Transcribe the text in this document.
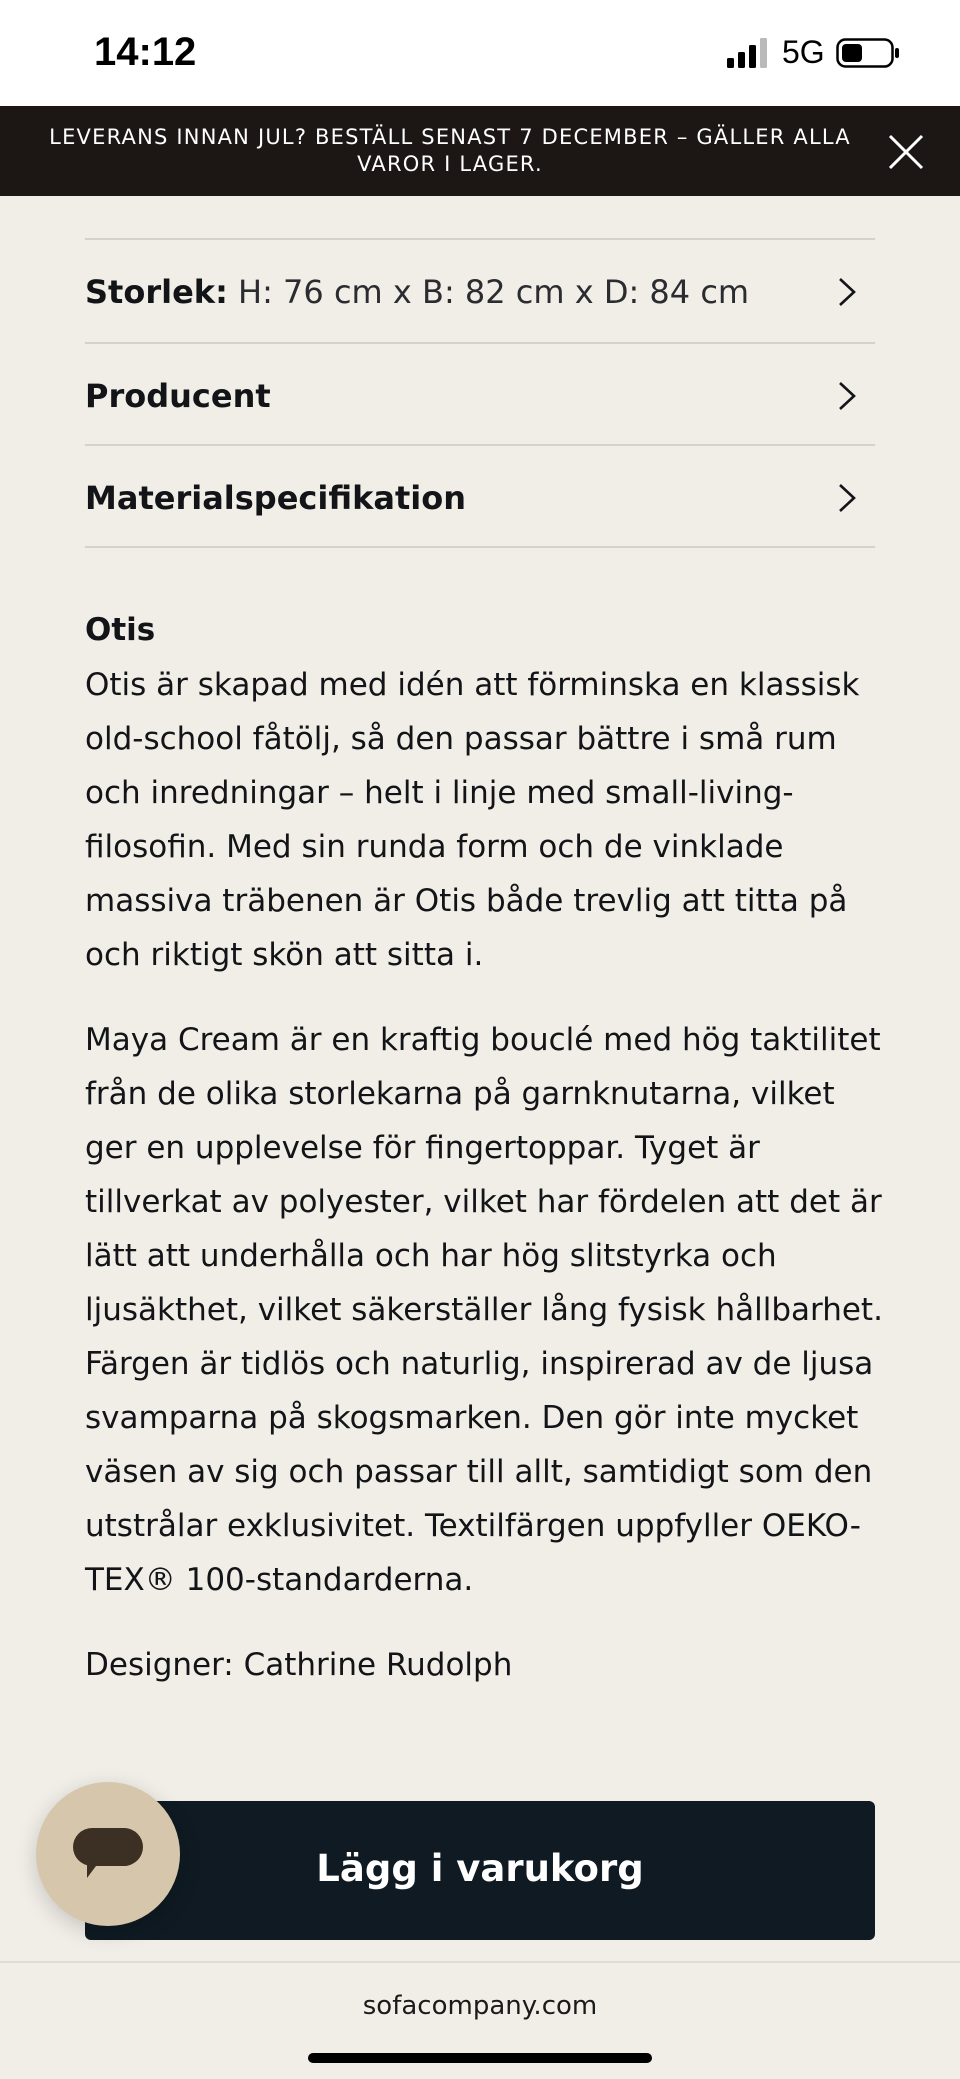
14:12	5G
LEVERANS INNAN JUL? BESTÄLL SENAST 7 DECEMBER – GÄLLER ALLA VAROR I LAGER.
Storlek: H: 76 cm x B: 82 cm x D: 84 cm
Producent
Materialspecifikation
Otis

Otis är skapad med idén att förminska en klassisk old-school fåtölj, så den passar bättre i små rum och inredningar – helt i linje med small-living-filosofin. Med sin runda form och de vinklade massiva träbenen är Otis både trevlig att titta på och riktigt skön att sitta i.

Maya Cream är en kraftig bouclé med hög taktilitet från de olika storlekarna på garnknutarna, vilket ger en upplevelse för fingertoppar. Tyget är tillverkat av polyester, vilket har fördelen att det är lätt att underhålla och har hög slitstyrka och ljusäkthet, vilket säkerställer lång fysisk hållbarhet. Färgen är tidlös och naturlig, inspirerad av de ljusa svamparna på skogsmarken. Den gör inte mycket väsen av sig och passar till allt, samtidigt som den utstrålar exklusivitet. Textilfärgen uppfyller OEKO-TEX® 100-standarderna.

Designer: Cathrine Rudolph
Lägg i varukorg
sofacompany.com
